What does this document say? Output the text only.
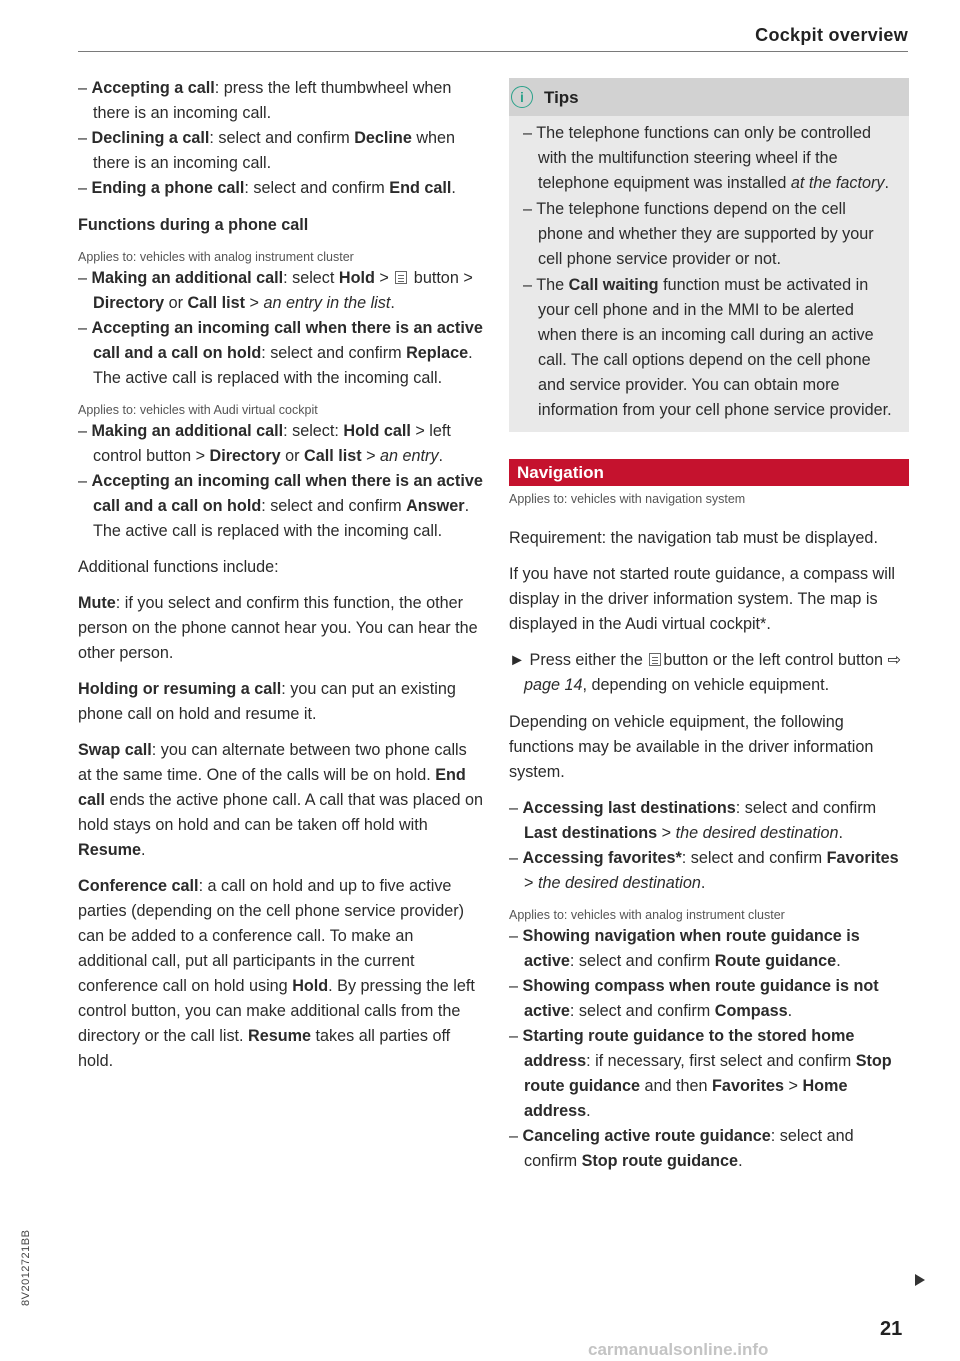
Cockpit overview
– Accepting a call: press the left thumbwheel when there is an incoming call.
– Declining a call: select and confirm Decline when there is an incoming call.
– Ending a phone call: select and confirm End call.
Functions during a phone call
Applies to: vehicles with analog instrument cluster
– Making an additional call: select Hold >  button > Directory or Call list > an entry in the list.
– Accepting an incoming call when there is an active call and a call on hold: select and confirm Replace. The active call is replaced with the incoming call.
Applies to: vehicles with Audi virtual cockpit
– Making an additional call: select: Hold call > left control button > Directory or Call list > an entry.
– Accepting an incoming call when there is an active call and a call on hold: select and confirm Answer. The active call is replaced with the incoming call.

Additional functions include:

Mute: if you select and confirm this function, the other person on the phone cannot hear you. You can hear the other person.

Holding or resuming a call: you can put an existing phone call on hold and resume it.

Swap call: you can alternate between two phone calls at the same time. One of the calls will be on hold. End call ends the active phone call. A call that was placed on hold stays on hold and can be taken off hold with Resume.

Conference call: a call on hold and up to five active parties (depending on the cell phone service provider) can be added to a conference call. To make an additional call, put all participants in the current conference call on hold using Hold. By pressing the left control button, you can make additional calls from the directory or the call list. Resume takes all parties off hold.

i	Tips
– The telephone functions can only be controlled with the multifunction steering wheel if the telephone equipment was installed at the factory.
– The telephone functions depend on the cell phone and whether they are supported by your cell phone service provider or not.
– The Call waiting function must be activated in your cell phone and in the MMI to be alerted when there is an incoming call during an active call. The call options depend on the cell phone and service provider. You can obtain more information from your cell phone service provider.
Navigation
Applies to: vehicles with navigation system

Requirement: the navigation tab must be displayed.

If you have not started route guidance, a compass will display in the driver information system. The map is displayed in the Audi virtual cockpit*.

► Press either the button or the left control button ⇨ page 14, depending on vehicle equipment.

Depending on vehicle equipment, the following functions may be available in the driver information system.

– Accessing last destinations: select and confirm Last destinations > the desired destination.
– Accessing favorites*: select and confirm Favorites > the desired destination.
Applies to: vehicles with analog instrument cluster
– Showing navigation when route guidance is active: select and confirm Route guidance.
– Showing compass when route guidance is not active: select and confirm Compass.
– Starting route guidance to the stored home address: if necessary, first select and confirm Stop route guidance and then Favorites > Home address.
– Canceling active route guidance: select and confirm Stop route guidance.
21
8V2012721BB
carmanualsonline.info
